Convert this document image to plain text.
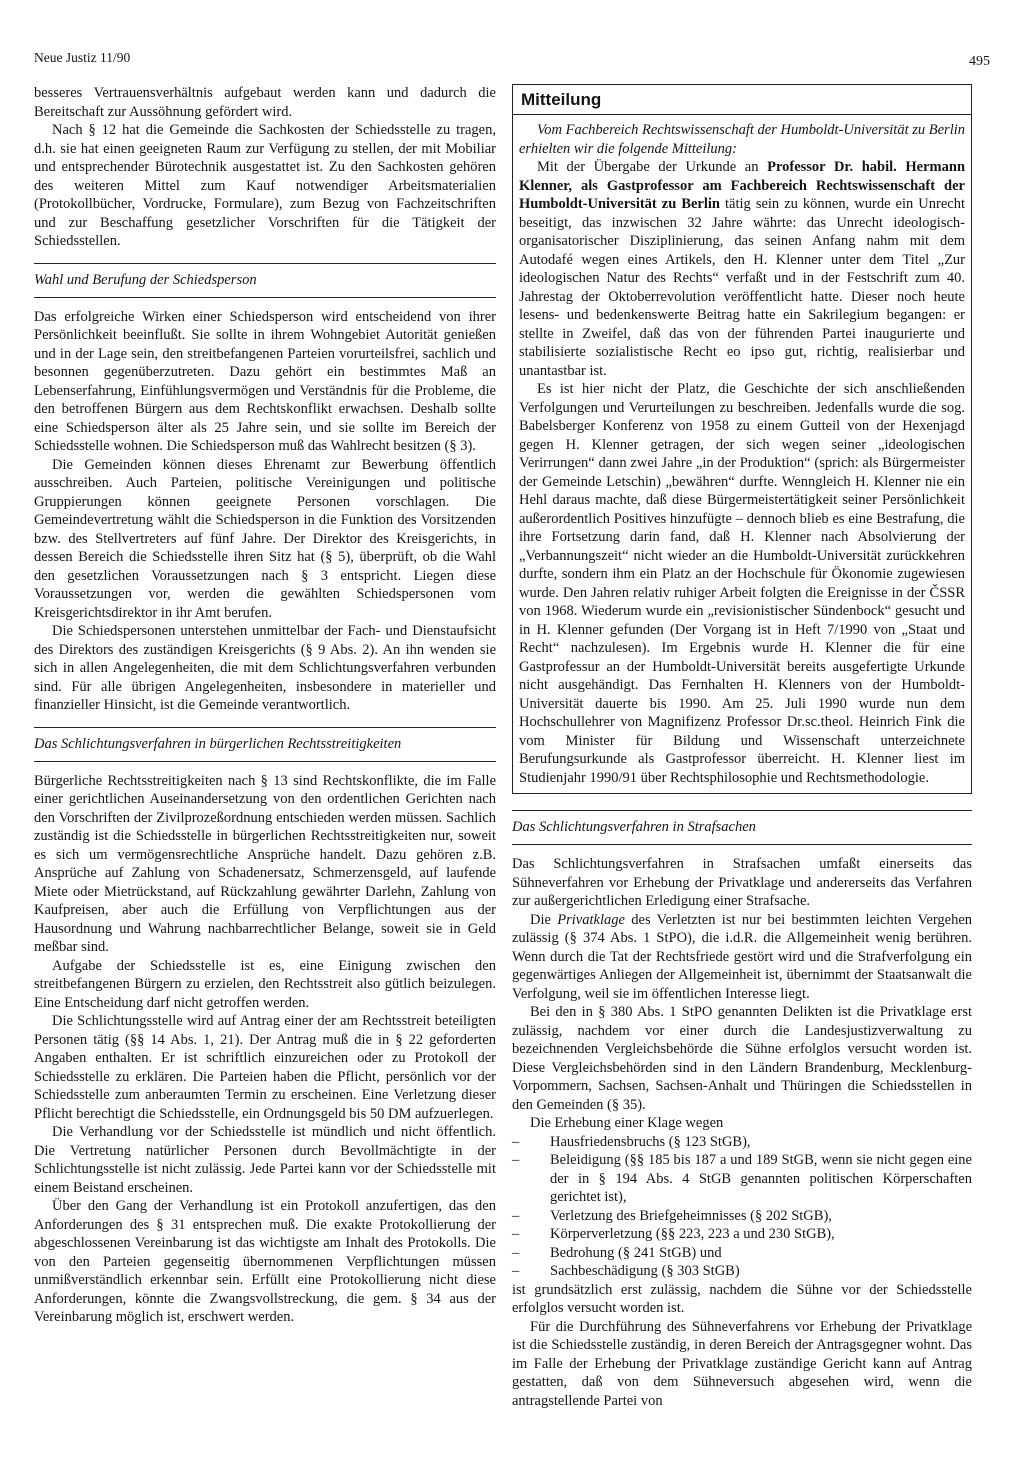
Neue Justiz 11/90	495

besseres Vertrauensverhältnis aufgebaut werden kann und dadurch die Bereitschaft zur Aussöhnung gefördert wird.

Nach § 12 hat die Gemeinde die Sachkosten der Schiedsstelle zu tragen, d.h. sie hat einen geeigneten Raum zur Verfügung zu stellen, der mit Mobiliar und entsprechender Bürotechnik ausgestattet ist. Zu den Sachkosten gehören des weiteren Mittel zum Kauf notwendiger Arbeitsmaterialien (Protokollbücher, Vordrucke, Formulare), zum Bezug von Fachzeitschriften und zur Beschaffung gesetzlicher Vorschriften für die Tätigkeit der Schiedsstellen.

Wahl und Berufung der Schiedsperson

Das erfolgreiche Wirken einer Schiedsperson wird entscheidend von ihrer Persönlichkeit beeinflußt. Sie sollte in ihrem Wohngebiet Autorität genießen und in der Lage sein, den streitbefangenen Parteien vorurteilsfrei, sachlich und besonnen gegenüberzutreten. Dazu gehört ein bestimmtes Maß an Lebenserfahrung, Einfühlungsvermögen und Verständnis für die Probleme, die den betroffenen Bürgern aus dem Rechtskonflikt erwachsen. Deshalb sollte eine Schiedsperson älter als 25 Jahre sein, und sie sollte im Bereich der Schiedsstelle wohnen. Die Schiedsperson muß das Wahlrecht besitzen (§ 3).

Die Gemeinden können dieses Ehrenamt zur Bewerbung öffentlich ausschreiben. Auch Parteien, politische Vereinigungen und politische Gruppierungen können geeignete Personen vorschlagen. Die Gemeindevertretung wählt die Schiedsperson in die Funktion des Vorsitzenden bzw. des Stellvertreters auf fünf Jahre. Der Direktor des Kreisgerichts, in dessen Bereich die Schiedsstelle ihren Sitz hat (§ 5), überprüft, ob die Wahl den gesetzlichen Voraussetzungen nach § 3 entspricht. Liegen diese Voraussetzungen vor, werden die gewählten Schiedspersonen vom Kreisgerichtsdirektor in ihr Amt berufen.

Die Schiedspersonen unterstehen unmittelbar der Fach- und Dienstaufsicht des Direktors des zuständigen Kreisgerichts (§ 9 Abs. 2). An ihn wenden sie sich in allen Angelegenheiten, die mit dem Schlichtungsverfahren verbunden sind. Für alle übrigen Angelegenheiten, insbesondere in materieller und finanzieller Hinsicht, ist die Gemeinde verantwortlich.

Das Schlichtungsverfahren in bürgerlichen Rechtsstreitigkeiten

Bürgerliche Rechtsstreitigkeiten nach § 13 sind Rechtskonflikte, die im Falle einer gerichtlichen Auseinandersetzung von den ordentlichen Gerichten nach den Vorschriften der Zivilprozeßordnung entschieden werden müssen. Sachlich zuständig ist die Schiedsstelle in bürgerlichen Rechtsstreitigkeiten nur, soweit es sich um vermögensrechtliche Ansprüche handelt. Dazu gehören z.B. Ansprüche auf Zahlung von Schadenersatz, Schmerzensgeld, auf laufende Miete oder Mietrückstand, auf Rückzahlung gewährter Darlehn, Zahlung von Kaufpreisen, aber auch die Erfüllung von Verpflichtungen aus der Hausordnung und Wahrung nachbarrechtlicher Belange, soweit sie in Geld meßbar sind.

Aufgabe der Schiedsstelle ist es, eine Einigung zwischen den streitbefangenen Bürgern zu erzielen, den Rechtsstreit also gütlich beizulegen. Eine Entscheidung darf nicht getroffen werden.

Die Schlichtungsstelle wird auf Antrag einer der am Rechtsstreit beteiligten Personen tätig (§§ 14 Abs. 1, 21). Der Antrag muß die in § 22 geforderten Angaben enthalten. Er ist schriftlich einzureichen oder zu Protokoll der Schiedsstelle zu erklären. Die Parteien haben die Pflicht, persönlich vor der Schiedsstelle zum anberaumten Termin zu erscheinen. Eine Verletzung dieser Pflicht berechtigt die Schiedsstelle, ein Ordnungsgeld bis 50 DM aufzuerlegen.

Die Verhandlung vor der Schiedsstelle ist mündlich und nicht öffentlich. Die Vertretung natürlicher Personen durch Bevollmächtigte in der Schlichtungsstelle ist nicht zulässig. Jede Partei kann vor der Schiedsstelle mit einem Beistand erscheinen.

Über den Gang der Verhandlung ist ein Protokoll anzufertigen, das den Anforderungen des § 31 entsprechen muß. Die exakte Protokollierung der abgeschlossenen Vereinbarung ist das wichtigste am Inhalt des Protokolls. Die von den Parteien gegenseitig übernommenen Verpflichtungen müssen unmißverständlich erkennbar sein. Erfüllt eine Protokollierung nicht diese Anforderungen, könnte die Zwangsvollstreckung, die gem. § 34 aus der Vereinbarung möglich ist, erschwert werden.

Mitteilung

Vom Fachbereich Rechtswissenschaft der Humboldt-Universität zu Berlin erhielten wir die folgende Mitteilung:

Mit der Übergabe der Urkunde an Professor Dr. habil. Hermann Klenner, als Gastprofessor am Fachbereich Rechtswissenschaft der Humboldt-Universität zu Berlin tätig sein zu können, wurde ein Unrecht beseitigt, das inzwischen 32 Jahre währte: das Unrecht ideologisch-organisatorischer Disziplinierung, das seinen Anfang nahm mit dem Autodafé wegen eines Artikels, den H. Klenner unter dem Titel „Zur ideologischen Natur des Rechts“ verfaßt und in der Festschrift zum 40. Jahrestag der Oktoberrevolution veröffentlicht hatte. Dieser noch heute lesens- und bedenkenswerte Beitrag hatte ein Sakrilegium begangen: er stellte in Zweifel, daß das von der führenden Partei inaugurierte und stabilisierte sozialistische Recht eo ipso gut, richtig, realisierbar und unantastbar ist.

Es ist hier nicht der Platz, die Geschichte der sich anschließenden Verfolgungen und Verurteilungen zu beschreiben. Jedenfalls wurde die sog. Babelsberger Konferenz von 1958 zu einem Gutteil von der Hexenjagd gegen H. Klenner getragen, der sich wegen seiner „ideologischen Verirrungen“ dann zwei Jahre „in der Produktion“ (sprich: als Bürgermeister der Gemeinde Letschin) „bewähren“ durfte. Wenngleich H. Klenner nie ein Hehl daraus machte, daß diese Bürgermeistertätigkeit seiner Persönlichkeit außerordentlich Positives hinzufügte – dennoch blieb es eine Bestrafung, die ihre Fortsetzung darin fand, daß H. Klenner nach Absolvierung der „Verbannungszeit“ nicht wieder an die Humboldt-Universität zurückkehren durfte, sondern ihm ein Platz an der Hochschule für Ökonomie zugewiesen wurde. Den Jahren relativ ruhiger Arbeit folgten die Ereignisse in der ČSSR von 1968. Wiederum wurde ein „revisionistischer Sündenbock“ gesucht und in H. Klenner gefunden (Der Vorgang ist in Heft 7/1990 von „Staat und Recht“ nachzulesen). Im Ergebnis wurde H. Klenner die für eine Gastprofessur an der Humboldt-Universität bereits ausgefertigte Urkunde nicht ausgehändigt. Das Fernhalten H. Klenners von der Humboldt-Universität dauerte bis 1990. Am 25. Juli 1990 wurde nun dem Hochschullehrer von Magnifizenz Professor Dr.sc.theol. Heinrich Fink die vom Minister für Bildung und Wissenschaft unterzeichnete Berufungsurkunde als Gastprofessor überreicht. H. Klenner liest im Studienjahr 1990/91 über Rechtsphilosophie und Rechtsmethodologie.

Das Schlichtungsverfahren in Strafsachen

Das Schlichtungsverfahren in Strafsachen umfaßt einerseits das Sühneverfahren vor Erhebung der Privatklage und andererseits das Verfahren zur außergerichtlichen Erledigung einer Strafsache.

Die Privatklage des Verletzten ist nur bei bestimmten leichten Vergehen zulässig (§ 374 Abs. 1 StPO), die i.d.R. die Allgemeinheit wenig berühren. Wenn durch die Tat der Rechtsfriede gestört wird und die Strafverfolgung ein gegenwärtiges Anliegen der Allgemeinheit ist, übernimmt der Staatsanwalt die Verfolgung, weil sie im öffentlichen Interesse liegt.

Bei den in § 380 Abs. 1 StPO genannten Delikten ist die Privatklage erst zulässig, nachdem vor einer durch die Landesjustizverwaltung zu bezeichnenden Vergleichsbehörde die Sühne erfolglos versucht worden ist. Diese Vergleichsbehörden sind in den Ländern Brandenburg, Mecklenburg-Vorpommern, Sachsen, Sachsen-Anhalt und Thüringen die Schiedsstellen in den Gemeinden (§ 35).

Die Erhebung einer Klage wegen

– Hausfriedensbruchs (§ 123 StGB),
– Beleidigung (§§ 185 bis 187 a und 189 StGB, wenn sie nicht gegen eine der in § 194 Abs. 4 StGB genannten politischen Körperschaften gerichtet ist),
– Verletzung des Briefgeheimnisses (§ 202 StGB),
– Körperverletzung (§§ 223, 223 a und 230 StGB),
– Bedrohung (§ 241 StGB) und
– Sachbeschädigung (§ 303 StGB)

ist grundsätzlich erst zulässig, nachdem die Sühne vor der Schiedsstelle erfolglos versucht worden ist.

Für die Durchführung des Sühneverfahrens vor Erhebung der Privatklage ist die Schiedsstelle zuständig, in deren Bereich der Antragsgegner wohnt. Das im Falle der Erhebung der Privatklage zuständige Gericht kann auf Antrag gestatten, daß von dem Sühneversuch abgesehen wird, wenn die antragstellende Partei von
